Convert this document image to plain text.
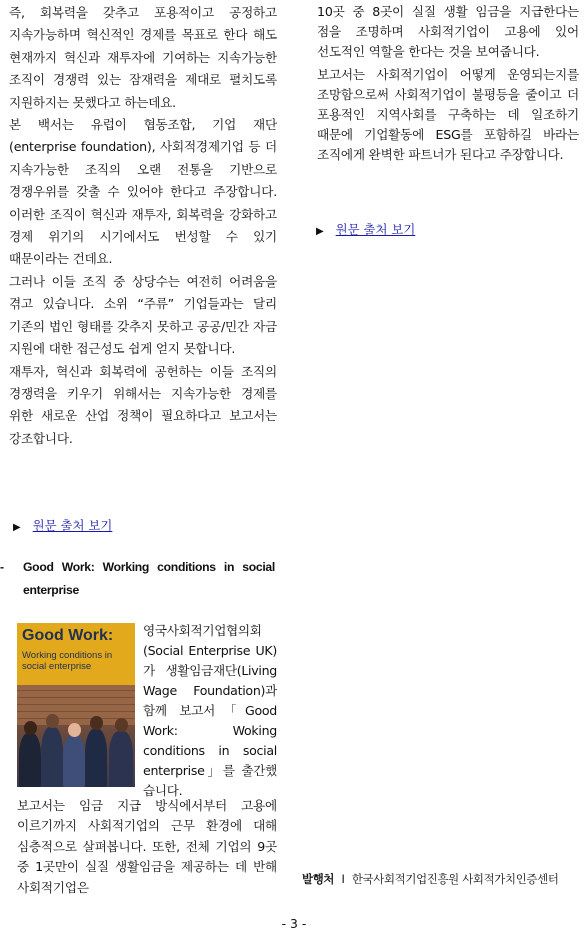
즉, 회복력을 갖추고 포용적이고 공정하고 지속가능하며 혁신적인 경제를 목표로 한다 해도 현재까지 혁신과 재투자에 기여하는 지속가능한 조직이 경쟁력 있는 잠재력을 제대로 펼치도록 지원하지는 못했다고 하는데요.

본 백서는 유럽이 협동조합, 기업 재단(enterprise foundation), 사회적경제기업 등 더 지속가능한 조직의 오랜 전통을 기반으로 경쟁우위를 갖출 수 있어야 한다고 주장합니다. 이러한 조직이 혁신과 재투자, 회복력을 강화하고 경제 위기의 시기에서도 번성할 수 있기 때문이라는 건데요.

그러나 이들 조직 중 상당수는 여전히 어려움을 겪고 있습니다. 소위 “주류” 기업들과는 달리 기존의 법인 형태를 갖추지 못하고 공공/민간 자금 지원에 대한 접근성도 쉽게 얻지 못합니다.

재투자, 혁신과 회복력에 공헌하는 이들 조직의 경쟁력을 키우기 위해서는 지속가능한 경제를 위한 새로운 산업 정책이 필요하다고 보고서는 강조합니다.

▶ 원문 출처 보기
- Good Work: Working conditions in social enterprise
Good Work:
Working conditions in
social enterprise
영국사회적기업협의회(Social Enterprise UK)가 생활임금재단(Living Wage Foundation)과 함께 보고서「Good Work: Woking conditions in social enterprise」를 출간했습니다.

보고서는 임금 지급 방식에서부터 고용에 이르기까지 사회적기업의 근무 환경에 대해 심층적으로 살펴봅니다. 또한, 전체 기업의 9곳 중 1곳만이 실질 생활임금을 제공하는 데 반해 사회적기업은

10곳 중 8곳이 실질 생활 임금을 지급한다는 점을 조명하며 사회적기업이 고용에 있어 선도적인 역할을 한다는 것을 보여줍니다.

보고서는 사회적기업이 어떻게 운영되는지를 조망함으로써 사회적기업이 불평등을 줄이고 더 포용적인 지역사회를 구축하는 데 일조하기 때문에 기업활동에 ESG를 포함하길 바라는 조직에게 완벽한 파트너가 된다고 주장합니다.

▶ 원문 출처 보기
발행처 I 한국사회적기업진흥원 사회적가치인증센터
- 3 -
